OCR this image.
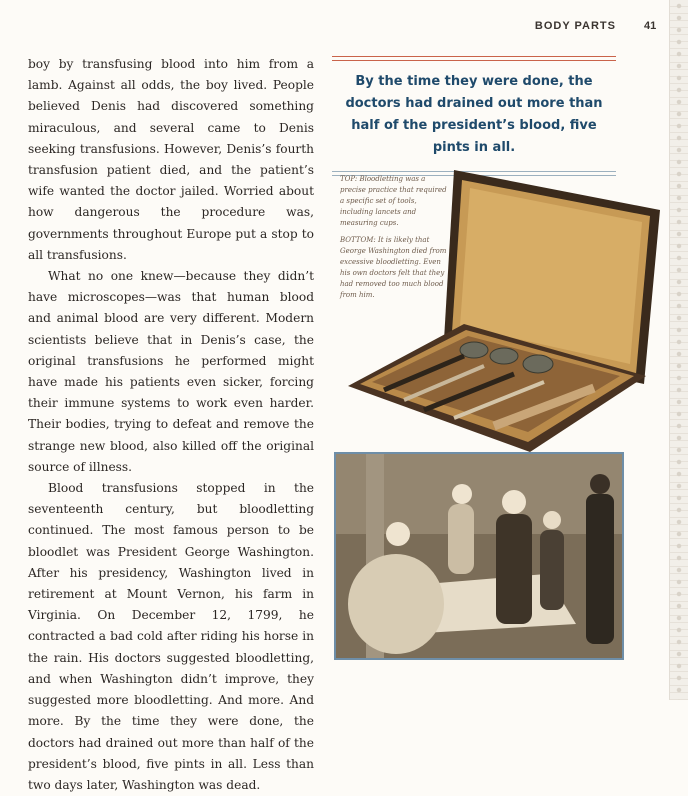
BODY PARTS	41

boy by transfusing blood into him from a lamb. Against all odds, the boy lived. People believed Denis had discovered something miraculous, and several came to Denis seeking transfusions. However, Denis’s fourth transfusion patient died, and the patient’s wife wanted the doctor jailed. Worried about how dangerous the procedure was, governments throughout Europe put a stop to all transfusions.

What no one knew—because they didn’t have microscopes—was that human blood and animal blood are very different. Modern scientists believe that in Denis’s case, the original transfusions he performed might have made his patients even sicker, forcing their immune systems to work even harder. Their bodies, trying to defeat and remove the strange new blood, also killed off the original source of illness.

Blood transfusions stopped in the seventeenth century, but bloodletting continued. The most famous person to be bloodlet was President George Washington. After his presidency, Washington lived in retirement at Mount Vernon, his farm in Virginia. On December 12, 1799, he contracted a bad cold after riding his horse in the rain. His doctors suggested bloodletting, and when Washington didn’t improve, they suggested more bloodletting. And more. And more. By the time they were done, the doctors had drained out more than half of the president’s blood, five pints in all. Less than two days later, Washington was dead.

By the time they were done, the doctors had drained out more than half of the president’s blood, five pints in all.

TOP: Bloodletting was a precise practice that required a specific set of tools, including lancets and measuring cups.

BOTTOM: It is likely that George Washington died from excessive bloodletting. Even his own doctors felt that they had removed too much blood from him.
